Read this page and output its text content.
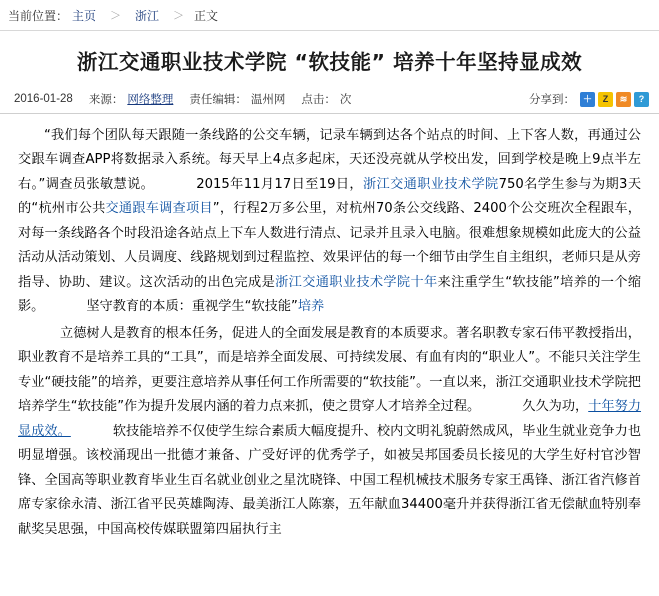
当前位置： 主页 ＞ 浙江 ＞ 正文
浙江交通职业技术学院 “软技能” 培养十年坚持显成效
2016-01-28 来源： 网络整理 责任编辑： 温州网 点击： 次	分享到： ＋	Z	≋	?

“我们每个团队每天跟随一条线路的公交车辆，记录车辆到达各个站点的时间、上下客人数，再通过公交跟车调查APP将数据录入系统。每天早上4点多起床，天还没亮就从学校出发，回到学校是晚上9点半左右。”调查员张敏慧说。	2015年11月17日至19日，浙江交通职业技术学院750名学生参与为期3天的“杭州市公共交通跟车调查项目”，行程2万多公里，对杭州70条公交线路、2400个公交班次全程跟车，对每一条线路各个时段沿途各站点上下车人数进行清点、记录并且录入电脑。很难想象规模如此庞大的公益活动从活动策划、人员调度、线路规划到过程监控、效果评估的每一个细节由学生自主组织，老师只是从旁指导、协助、建议。这次活动的出色完成是浙江交通职业技术学院十年来注重学生“软技能”培养的一个缩影。	坚守教育的本质：重视学生“软技能”培养

立德树人是教育的根本任务，促进人的全面发展是教育的本质要求。著名职教专家石伟平教授指出，职业教育不是培养工具的“工具”，而是培养全面发展、可持续发展、有血有肉的“职业人”。不能只关注学生专业“硬技能”的培养，更要注意培养从事任何工作所需要的“软技能”。一直以来，浙江交通职业技术学院把培养学生“软技能”作为提升发展内涵的着力点来抓，使之贯穿人才培养全过程。	久久为功，十年努力显成效。	软技能培养不仅使学生综合素质大幅度提升、校内文明礼貌蔚然成风，毕业生就业竞争力也明显增强。该校涌现出一批德才兼备、广受好评的优秀学子，如被吴邦国委员长接见的大学生好村官沙智锋、全国高等职业教育毕业生百名就业创业之星沈晓锋、中国工程机械技术服务专家王禹锋、浙江省汽修首席专家徐永清、浙江省平民英雄陶涛、最美浙江人陈寨，五年献血34400毫升并获得浙江省无偿献血特别奉献奖吴思强，中国高校传媒联盟第四届执行主
